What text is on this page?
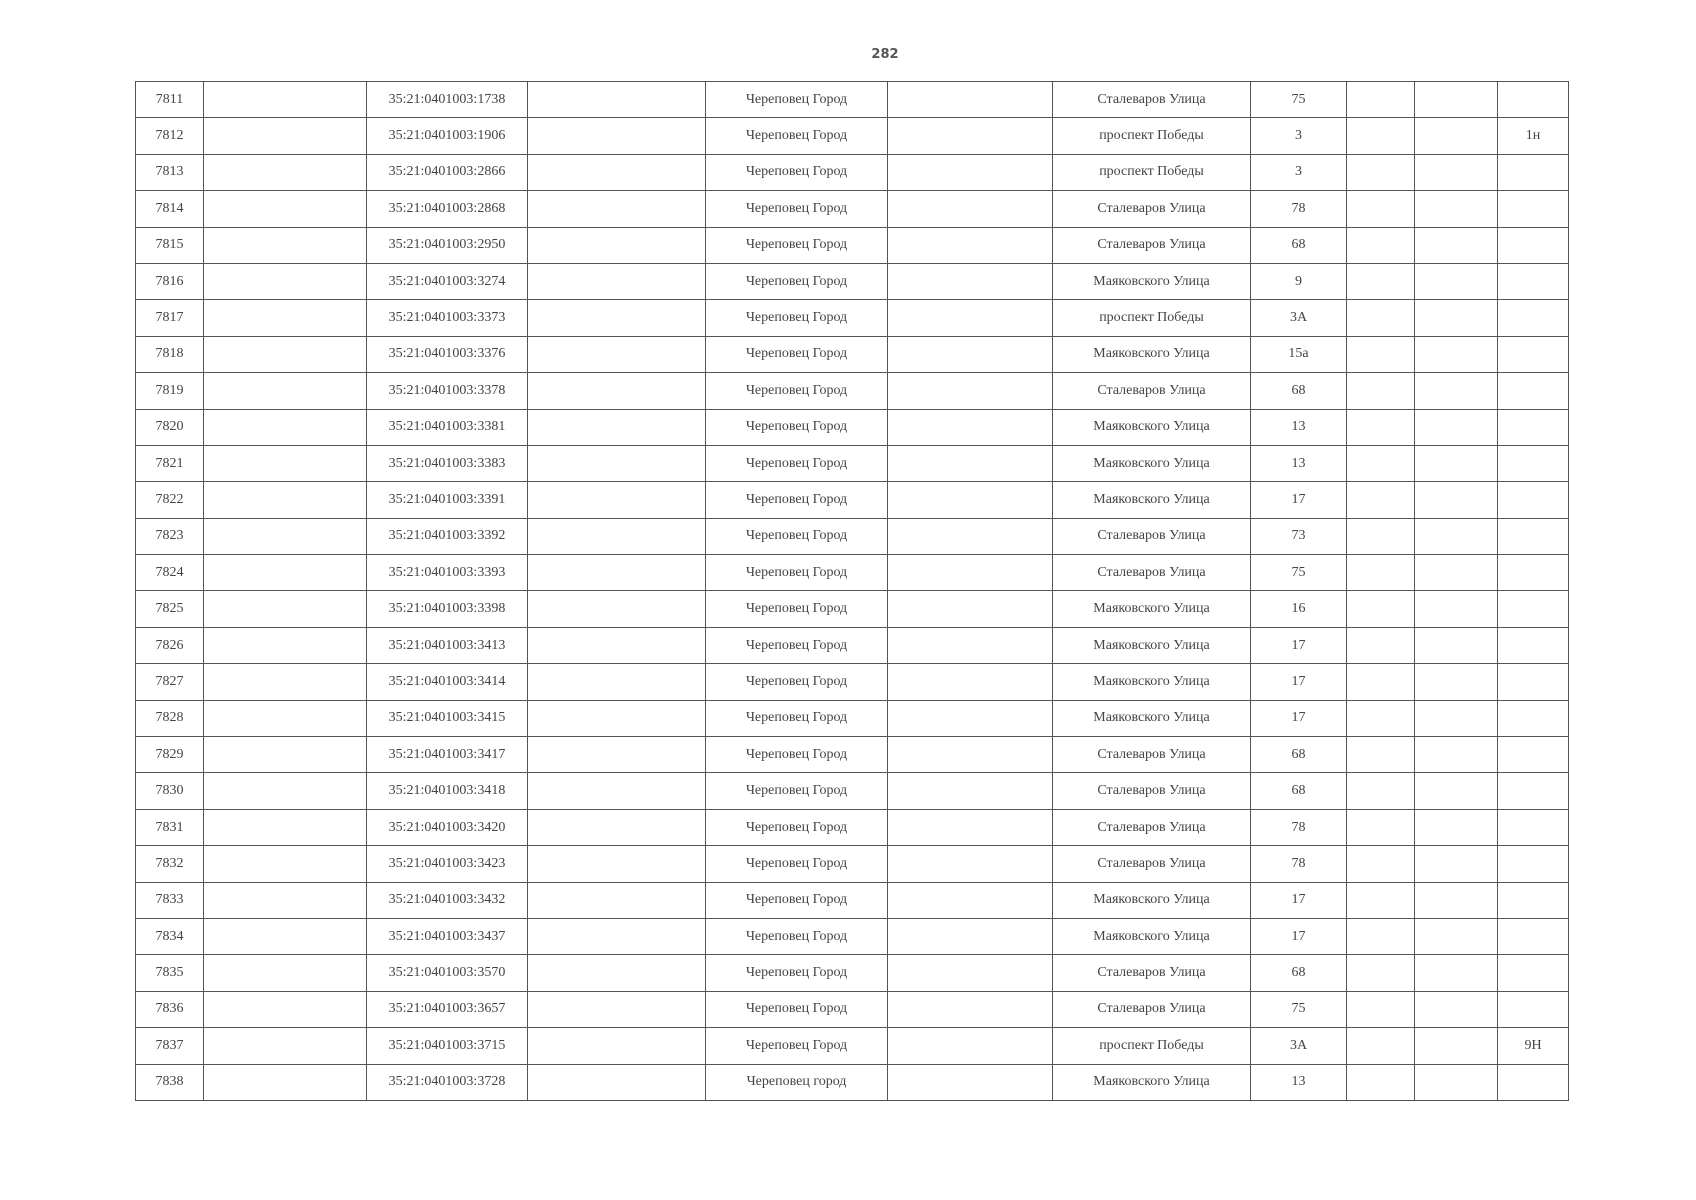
282
7811		35:21:0401003:1738		Череповец Город		Сталеваров Улица	75			
7812		35:21:0401003:1906		Череповец Город		проспект Победы	3			1н
7813		35:21:0401003:2866		Череповец Город		проспект Победы	3			
7814		35:21:0401003:2868		Череповец Город		Сталеваров Улица	78			
7815		35:21:0401003:2950		Череповец Город		Сталеваров Улица	68			
7816		35:21:0401003:3274		Череповец Город		Маяковского Улица	9			
7817		35:21:0401003:3373		Череповец Город		проспект Победы	3А			
7818		35:21:0401003:3376		Череповец Город		Маяковского Улица	15а			
7819		35:21:0401003:3378		Череповец Город		Сталеваров Улица	68			
7820		35:21:0401003:3381		Череповец Город		Маяковского Улица	13			
7821		35:21:0401003:3383		Череповец Город		Маяковского Улица	13			
7822		35:21:0401003:3391		Череповец Город		Маяковского Улица	17			
7823		35:21:0401003:3392		Череповец Город		Сталеваров Улица	73			
7824		35:21:0401003:3393		Череповец Город		Сталеваров Улица	75			
7825		35:21:0401003:3398		Череповец Город		Маяковского Улица	16			
7826		35:21:0401003:3413		Череповец Город		Маяковского Улица	17			
7827		35:21:0401003:3414		Череповец Город		Маяковского Улица	17			
7828		35:21:0401003:3415		Череповец Город		Маяковского Улица	17			
7829		35:21:0401003:3417		Череповец Город		Сталеваров Улица	68			
7830		35:21:0401003:3418		Череповец Город		Сталеваров Улица	68			
7831		35:21:0401003:3420		Череповец Город		Сталеваров Улица	78			
7832		35:21:0401003:3423		Череповец Город		Сталеваров Улица	78			
7833		35:21:0401003:3432		Череповец Город		Маяковского Улица	17			
7834		35:21:0401003:3437		Череповец Город		Маяковского Улица	17			
7835		35:21:0401003:3570		Череповец Город		Сталеваров Улица	68			
7836		35:21:0401003:3657		Череповец Город		Сталеваров Улица	75			
7837		35:21:0401003:3715		Череповец Город		проспект Победы	3А			9Н
7838		35:21:0401003:3728		Череповец город		Маяковского Улица	13			
